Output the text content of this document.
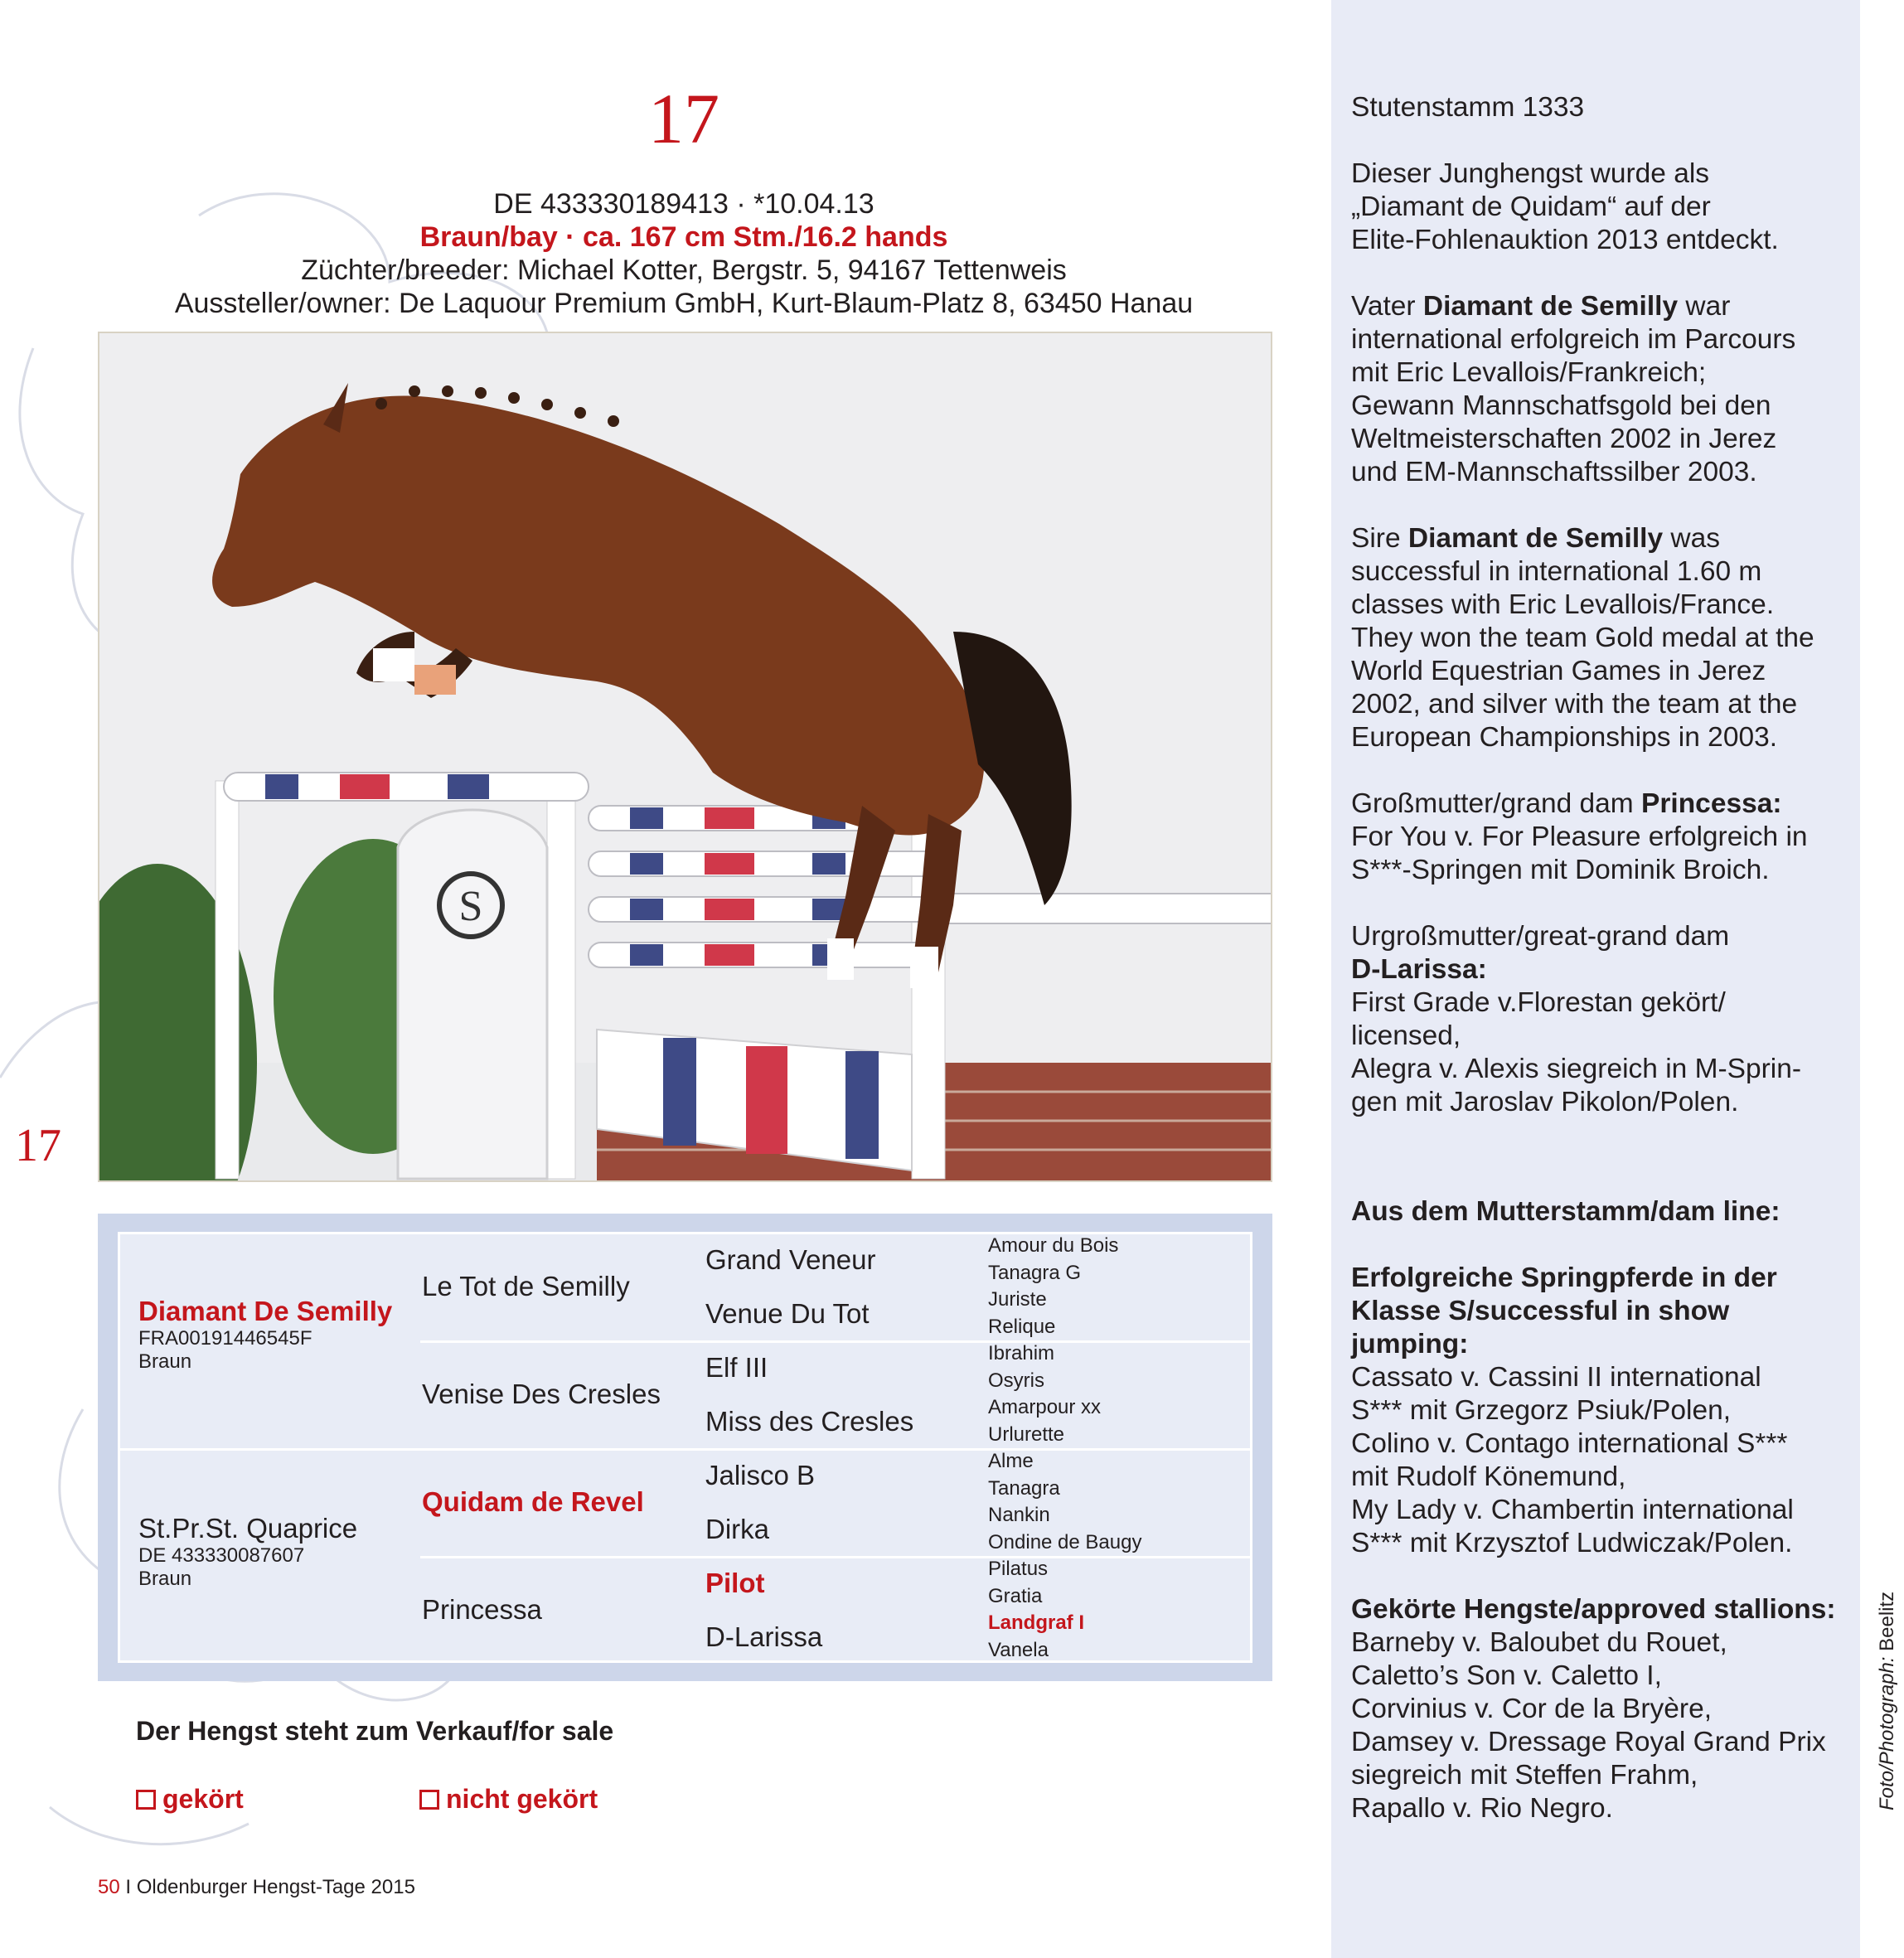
17
DE 433330189413 · *10.04.13
Braun/bay · ca. 167 cm Stm./16.2 hands
Züchter/breeder: Michael Kotter, Bergstr. 5, 94167 Tettenweis
Aussteller/owner: De Laquour Premium GmbH, Kurt-Blaum-Platz 8, 63450 Hanau
S
17
Diamant De Semilly
FRA00191446545F
Braun
St.Pr.St. Quaprice
DE 433330087607
Braun
Le Tot de Semilly
Venise Des Cresles
Quidam de Revel
Princessa
Grand Veneur
Venue Du Tot
Elf III
Miss des Cresles
Jalisco B
Dirka
Pilot
D-Larissa
Amour du Bois
Tanagra G
Juriste
Relique
Ibrahim
Osyris
Amarpour xx
Urlurette
Alme
Tanagra
Nankin
Ondine de Baugy
Pilatus
Gratia
Landgraf I
Vanela
Der Hengst steht zum Verkauf/for sale
gekört	nicht gekört
50 I Oldenburger Hengst-Tage 2015

Stutenstamm 1333

Dieser Junghengst wurde als
„Diamant de Quidam“ auf der
Elite-Fohlenauktion 2013 entdeckt.

Vater Diamant de Semilly war
international erfolgreich im Parcours
mit Eric Levallois/Frankreich;
Gewann Mannschatfsgold bei den
Weltmeisterschaften 2002 in Jerez
und EM-Mannschaftssilber 2003.

Sire Diamant de Semilly was
successful in international 1.60 m
classes with Eric Levallois/France.
They won the team Gold medal at the
World Equestrian Games in Jerez
2002, and silver with the team at the
European Championships in 2003.

Großmutter/grand dam Princessa:
For You v. For Pleasure erfolgreich in
S***-Springen mit Dominik Broich.

Urgroßmutter/great-grand dam
D-Larissa:
First Grade v.Florestan gekört/
licensed,
Alegra v. Alexis siegreich in M-Sprin-
gen mit Jaroslav Pikolon/Polen.

Aus dem Mutterstamm/dam line:

Erfolgreiche Springpferde in der
Klasse S/successful in show jumping:
Cassato v. Cassini II international
S*** mit Grzegorz Psiuk/Polen,
Colino v. Contago international S***
mit Rudolf Könemund,
My Lady v. Chambertin international
S*** mit Krzysztof Ludwiczak/Polen.

Gekörte Hengste/approved stallions:
Barneby v. Baloubet du Rouet,
Caletto’s Son v. Caletto I,
Corvinius v. Cor de la Bryère,
Damsey v. Dressage Royal Grand Prix
siegreich mit Steffen Frahm,
Rapallo v. Rio Negro.	Foto/Photograph: Beelitz
